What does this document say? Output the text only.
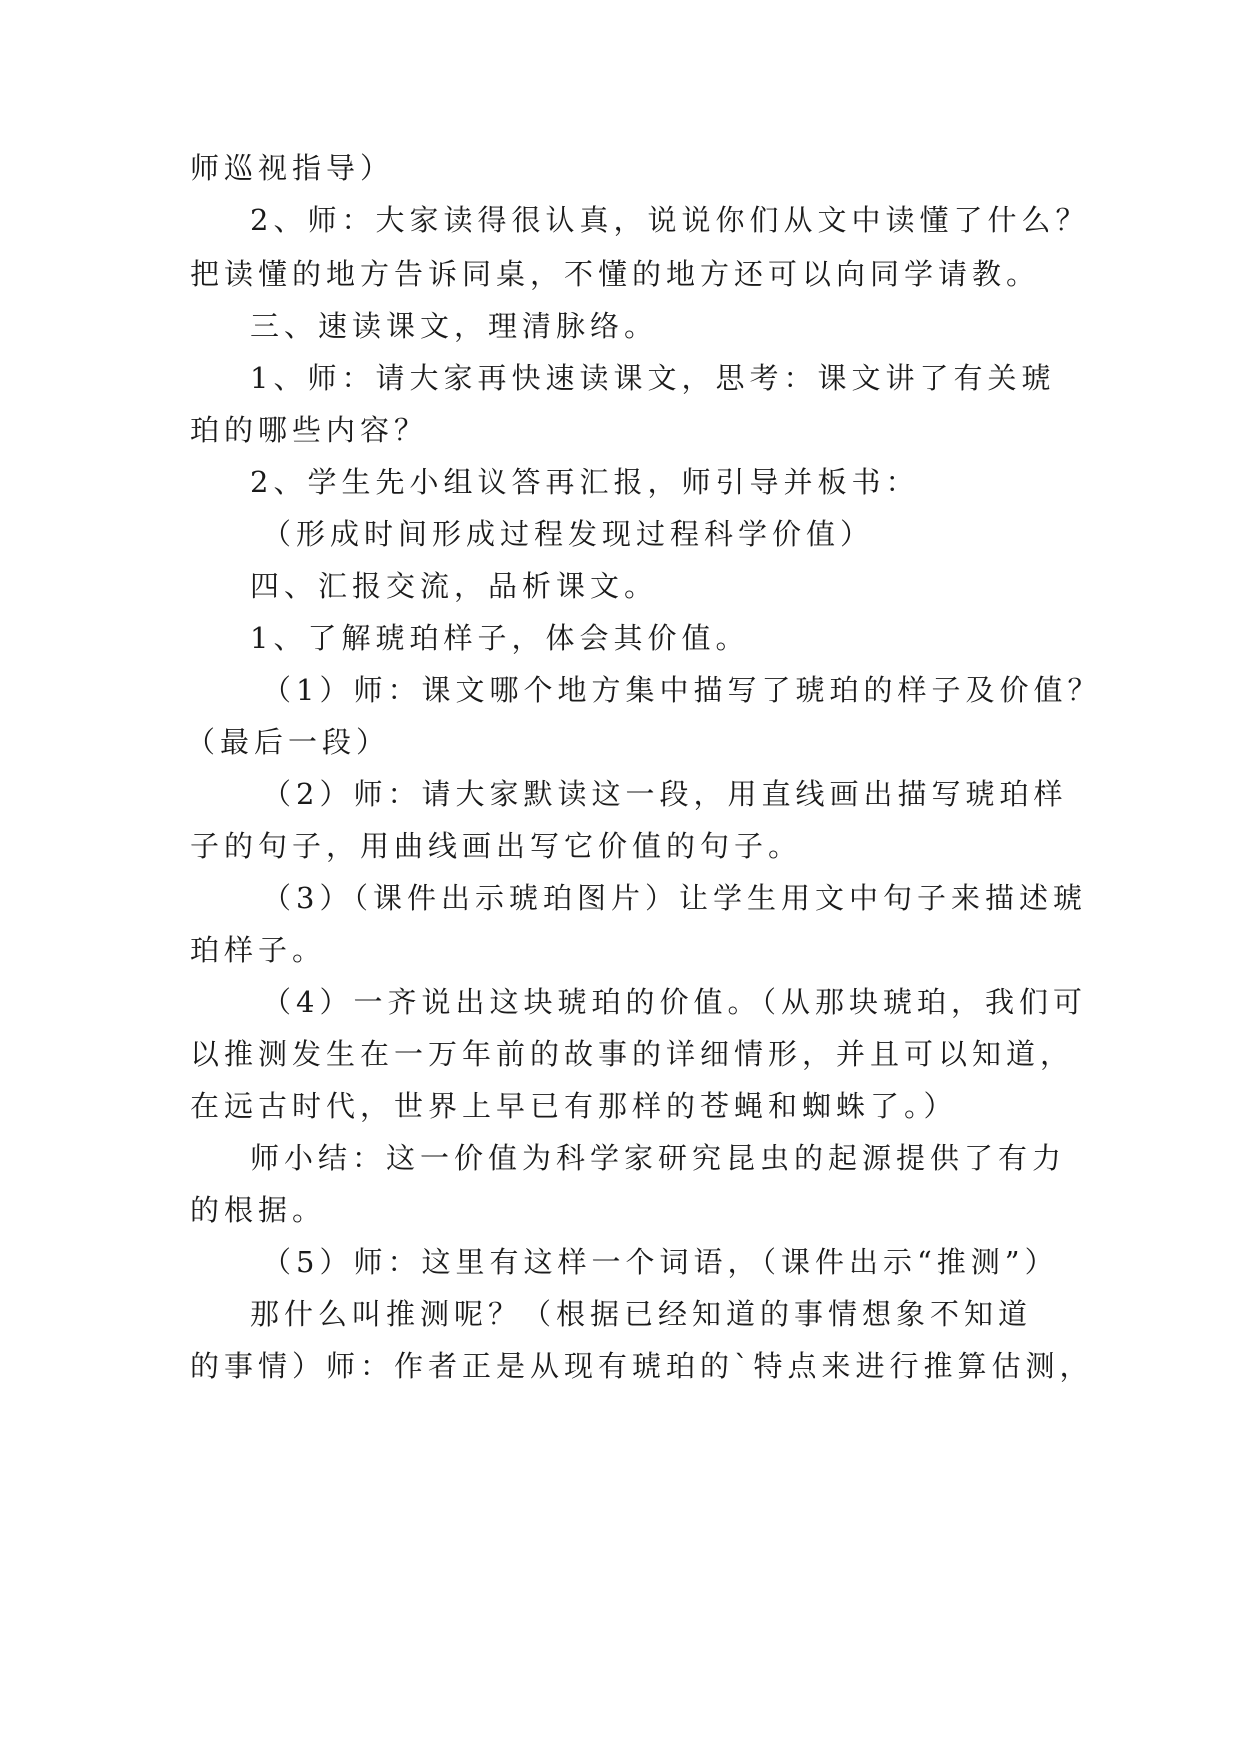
师巡视指导）
2、师：大家读得很认真，说说你们从文中读懂了什么？
把读懂的地方告诉同桌，不懂的地方还可以向同学请教。
三、速读课文，理清脉络。
1、师：请大家再快速读课文，思考：课文讲了有关琥
珀的哪些内容？
2、学生先小组议答再汇报，师引导并板书：
（形成时间形成过程发现过程科学价值）
四、汇报交流，品析课文。
1、了解琥珀样子，体会其价值。
（1）师：课文哪个地方集中描写了琥珀的样子及价值？
（最后一段）
（2）师：请大家默读这一段，用直线画出描写琥珀样
子的句子，用曲线画出写它价值的句子。
（3）（课件出示琥珀图片）让学生用文中句子来描述琥
珀样子。
（4）一齐说出这块琥珀的价值。（从那块琥珀，我们可
以推测发生在一万年前的故事的详细情形，并且可以知道，
在远古时代，世界上早已有那样的苍蝇和蜘蛛了。）
师小结：这一价值为科学家研究昆虫的起源提供了有力
的根据。
（5）师：这里有这样一个词语，（课件出示“推测”）
那什么叫推测呢？（根据已经知道的事情想象不知道
的事情）师：作者正是从现有琥珀的`特点来进行推算估测，
